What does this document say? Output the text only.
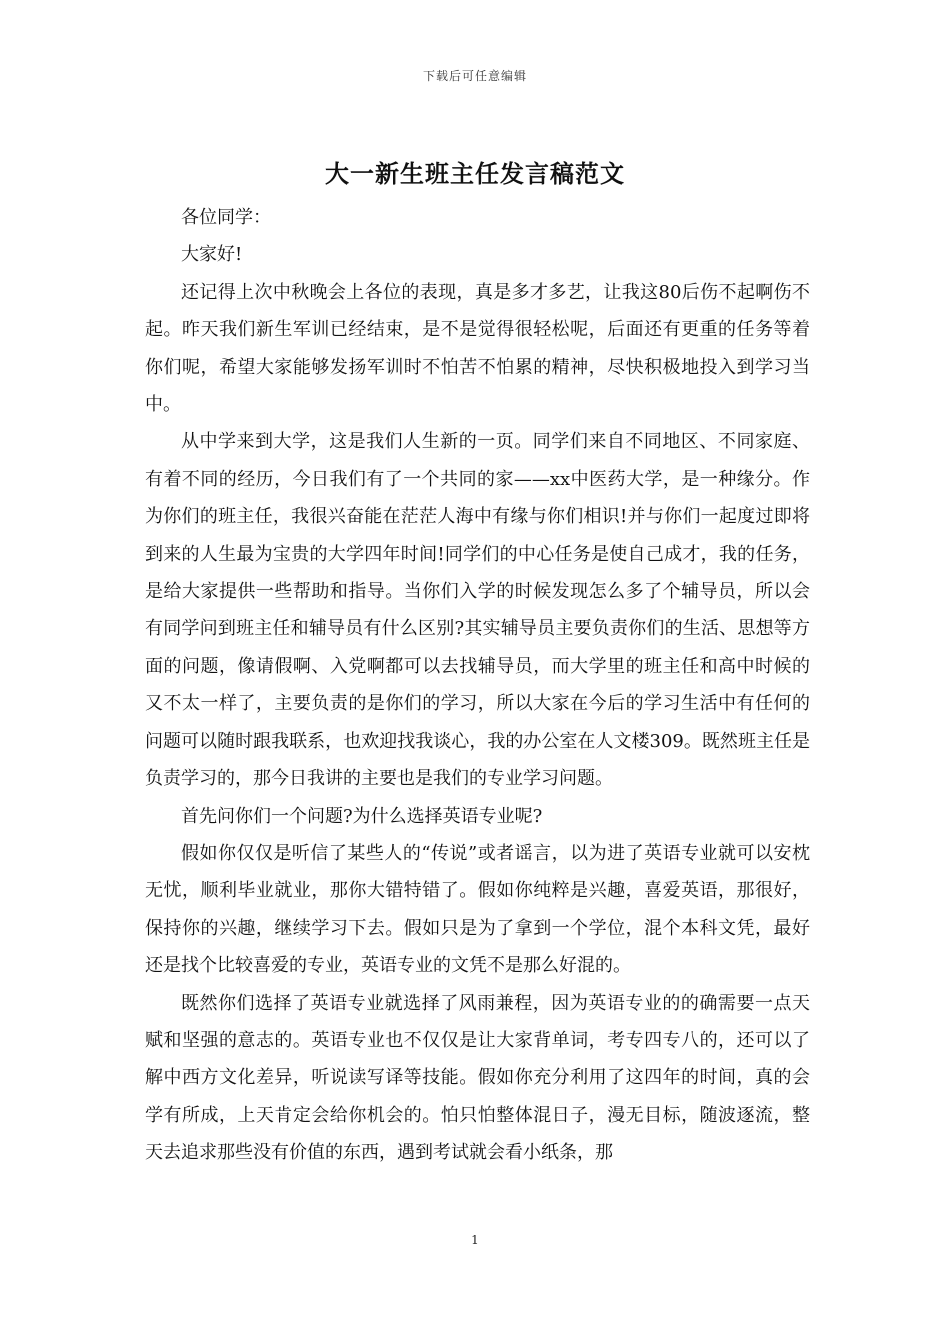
下载后可任意编辑
大一新生班主任发言稿范文

各位同学：

大家好!

还记得上次中秋晚会上各位的表现，真是多才多艺，让我这80后伤不起啊伤不起。昨天我们新生军训已经结束，是不是觉得很轻松呢，后面还有更重的任务等着你们呢，希望大家能够发扬军训时不怕苦不怕累的精神，尽快积极地投入到学习当中。

从中学来到大学，这是我们人生新的一页。同学们来自不同地区、不同家庭、有着不同的经历，今日我们有了一个共同的家——xx中医药大学，是一种缘分。作为你们的班主任，我很兴奋能在茫茫人海中有缘与你们相识!并与你们一起度过即将到来的人生最为宝贵的大学四年时间!同学们的中心任务是使自己成才，我的任务，是给大家提供一些帮助和指导。当你们入学的时候发现怎么多了个辅导员，所以会有同学问到班主任和辅导员有什么区别?其实辅导员主要负责你们的生活、思想等方面的问题，像请假啊、入党啊都可以去找辅导员，而大学里的班主任和高中时候的又不太一样了，主要负责的是你们的学习，所以大家在今后的学习生活中有任何的问题可以随时跟我联系，也欢迎找我谈心，我的办公室在人文楼309。既然班主任是负责学习的，那今日我讲的主要也是我们的专业学习问题。

首先问你们一个问题?为什么选择英语专业呢?

假如你仅仅是听信了某些人的“传说”或者谣言，以为进了英语专业就可以安枕无忧，顺利毕业就业，那你大错特错了。假如你纯粹是兴趣，喜爱英语，那很好，保持你的兴趣，继续学习下去。假如只是为了拿到一个学位，混个本科文凭，最好还是找个比较喜爱的专业，英语专业的文凭不是那么好混的。

既然你们选择了英语专业就选择了风雨兼程，因为英语专业的的确需要一点天赋和坚强的意志的。英语专业也不仅仅是让大家背单词，考专四专八的，还可以了解中西方文化差异，听说读写译等技能。假如你充分利用了这四年的时间，真的会学有所成，上天肯定会给你机会的。怕只怕整体混日子，漫无目标，随波逐流，整天去追求那些没有价值的东西，遇到考试就会看小纸条，那

1
